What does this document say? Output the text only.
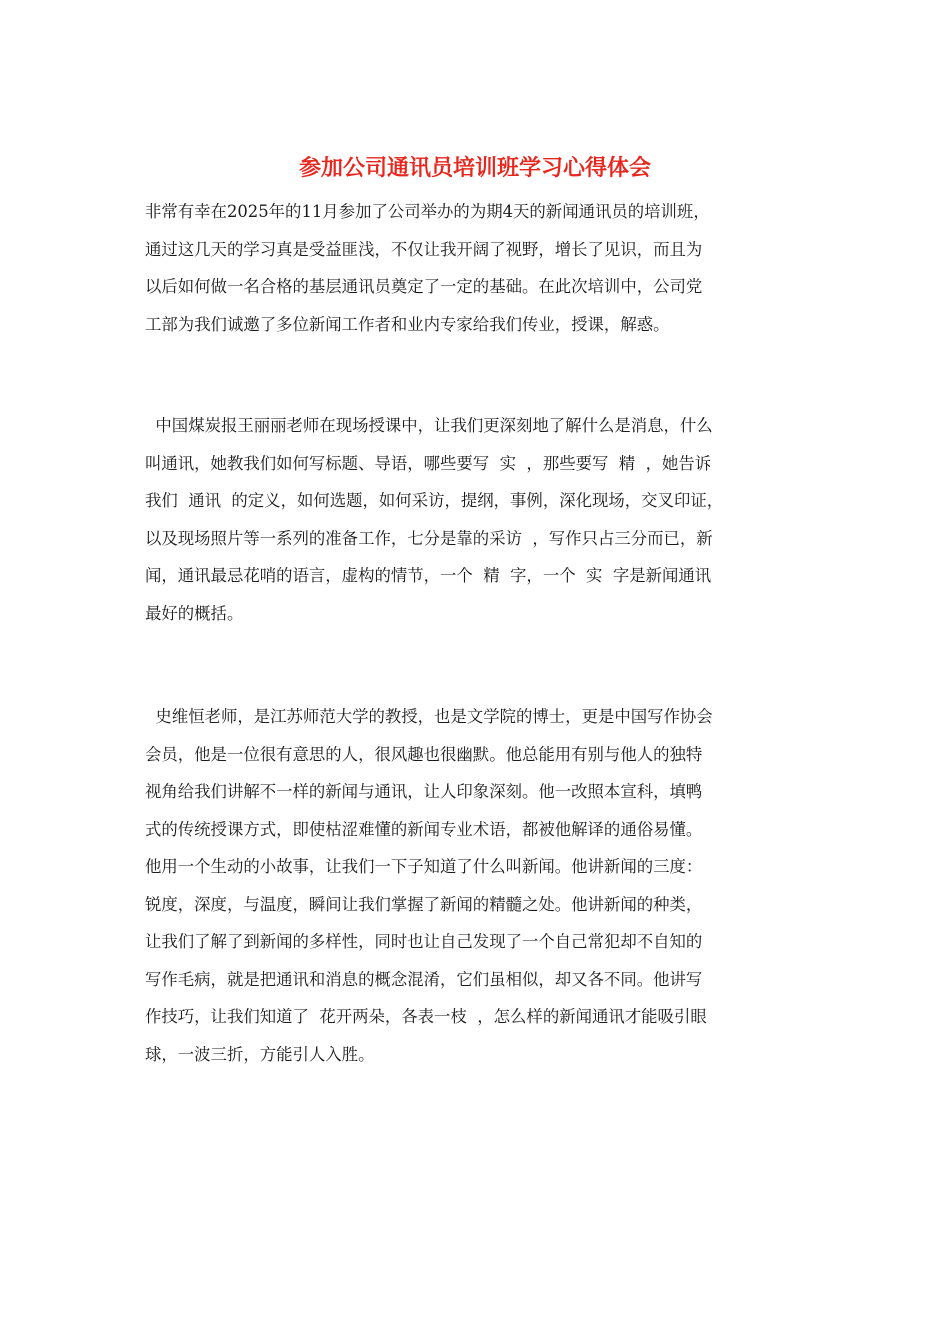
参加公司通讯员培训班学习心得体会

非常有幸在2025年的11月参加了公司举办的为期4天的新闻通讯员的培训班，
通过这几天的学习真是受益匪浅，不仅让我开阔了视野，增长了见识，而且为
以后如何做一名合格的基层通讯员奠定了一定的基础。在此次培训中，公司党
工部为我们诚邀了多位新闻工作者和业内专家给我们传业，授课，解惑。

中国煤炭报王丽丽老师在现场授课中，让我们更深刻地了解什么是消息，什么
叫通讯，她教我们如何写标题、导语，哪些要写  实  ，那些要写  精  ，她告诉
我们  通讯  的定义，如何选题，如何采访，提纲，事例，深化现场，交叉印证，
以及现场照片等一系列的准备工作，七分是靠的采访  ，写作只占三分而已，新
闻，通讯最忌花哨的语言，虚构的情节，一个  精  字，一个  实  字是新闻通讯
最好的概括。

史维恒老师，是江苏师范大学的教授，也是文学院的博士，更是中国写作协会
会员，他是一位很有意思的人，很风趣也很幽默。他总能用有别与他人的独特
视角给我们讲解不一样的新闻与通讯，让人印象深刻。他一改照本宣科，填鸭
式的传统授课方式，即使枯涩难懂的新闻专业术语，都被他解译的通俗易懂。
他用一个生动的小故事，让我们一下子知道了什么叫新闻。他讲新闻的三度：
锐度，深度，与温度，瞬间让我们掌握了新闻的精髓之处。他讲新闻的种类，
让我们了解了到新闻的多样性，同时也让自己发现了一个自己常犯却不自知的
写作毛病，就是把通讯和消息的概念混淆，它们虽相似，却又各不同。他讲写
作技巧，让我们知道了  花开两朵，各表一枝  ，怎么样的新闻通讯才能吸引眼
球，一波三折，方能引人入胜。
